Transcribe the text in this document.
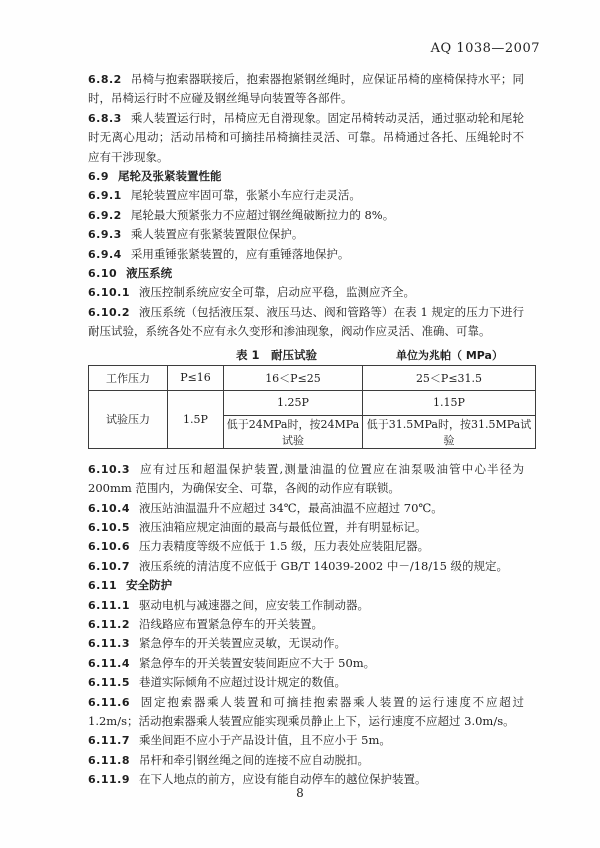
AQ 1038—2007
6.8.2 吊椅与抱索器联接后，抱索器抱紧钢丝绳时，应保证吊椅的座椅保持水平；同时，吊椅运行时不应碰及钢丝绳导向装置等各部件。
6.8.3 乘人装置运行时，吊椅应无自滑现象。固定吊椅转动灵活，通过驱动轮和尾轮时无离心甩动；活动吊椅和可摘挂吊椅摘挂灵活、可靠。吊椅通过各托、压绳轮时不应有干涉现象。
6.9 尾轮及张紧装置性能
6.9.1 尾轮装置应牢固可靠，张紧小车应行走灵活。
6.9.2 尾轮最大预紧张力不应超过钢丝绳破断拉力的 8%。
6.9.3 乘人装置应有张紧装置限位保护。
6.9.4 采用重锤张紧装置的，应有重锤落地保护。
6.10 液压系统
6.10.1 液压控制系统应安全可靠，启动应平稳，监测应齐全。
6.10.2 液压系统（包括液压泵、液压马达、阀和管路等）在表 1 规定的压力下进行耐压试验，系统各处不应有永久变形和渗油现象，阀动作应灵活、准确、可靠。
表 1　耐压试验	单位为兆帕（ MPa）
工作压力	P≤16	16＜P≤25	25＜P≤31.5
试验压力	1.5P	1.25P	1.15P
		低于24MPa时，按24MPa试验	低于31.5MPa时，按31.5MPa试验
6.10.3 应有过压和超温保护装置,测量油温的位置应在油泵吸油管中心半径为 200mm 范围内，为确保安全、可靠，各阀的动作应有联锁。
6.10.4 液压站油温温升不应超过 34℃，最高油温不应超过 70℃。
6.10.5 液压油箱应规定油面的最高与最低位置，并有明显标记。
6.10.6 压力表精度等级不应低于 1.5 级，压力表处应装阻尼器。
6.10.7 液压系统的清洁度不应低于 GB/T 14039-2002 中－/18/15 级的规定。
6.11 安全防护
6.11.1 驱动电机与减速器之间，应安装工作制动器。
6.11.2 沿线路应布置紧急停车的开关装置。
6.11.3 紧急停车的开关装置应灵敏，无误动作。
6.11.4 紧急停车的开关装置安装间距应不大于 50m。
6.11.5 巷道实际倾角不应超过设计规定的数值。
6.11.6 固定抱索器乘人装置和可摘挂抱索器乘人装置的运行速度不应超过 1.2m/s；活动抱索器乘人装置应能实现乘员静止上下，运行速度不应超过 3.0m/s。
6.11.7 乘坐间距不应小于产品设计值，且不应小于 5m。
6.11.8 吊杆和牵引钢丝绳之间的连接不应自动脱扣。
6.11.9 在下人地点的前方，应设有能自动停车的越位保护装置。
8
